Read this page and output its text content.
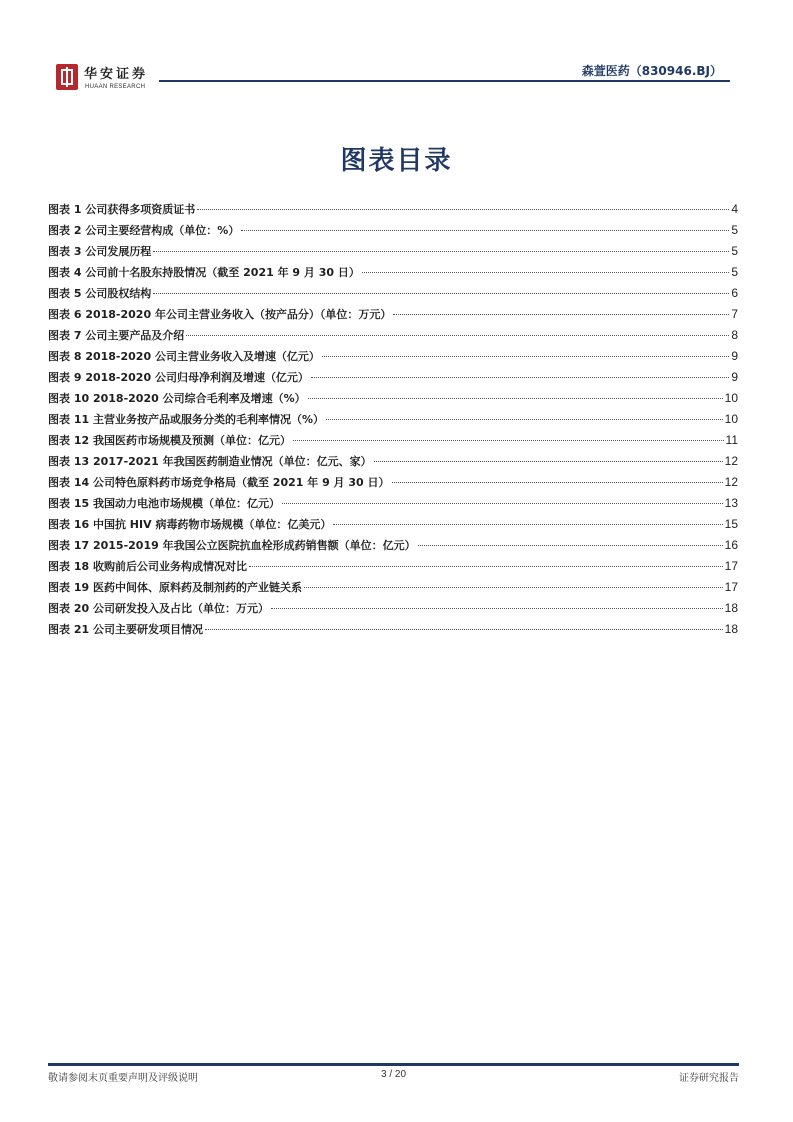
华安证券
HUAAN RESEARCH
森萱医药（830946.BJ）
图表目录
图表 1 公司获得多项资质证书	4
图表 2 公司主要经营构成（单位：%）	5
图表 3 公司发展历程	5
图表 4 公司前十名股东持股情况（截至 2021 年 9 月 30 日）	5
图表 5 公司股权结构	6
图表 6 2018-2020 年公司主营业务收入（按产品分）（单位：万元）	7
图表 7 公司主要产品及介绍	8
图表 8 2018-2020 公司主营业务收入及增速（亿元）	9
图表 9 2018-2020 公司归母净利润及增速（亿元）	9
图表 10 2018-2020 公司综合毛利率及增速（%）	10
图表 11 主营业务按产品或服务分类的毛利率情况（%）	10
图表 12 我国医药市场规模及预测（单位：亿元）	11
图表 13 2017-2021 年我国医药制造业情况（单位：亿元、家）	12
图表 14 公司特色原料药市场竞争格局（截至 2021 年 9 月 30 日）	12
图表 15 我国动力电池市场规模（单位：亿元）	13
图表 16 中国抗 HIV 病毒药物市场规模（单位：亿美元）	15
图表 17 2015-2019 年我国公立医院抗血栓形成药销售额（单位：亿元）	16
图表 18 收购前后公司业务构成情况对比	17
图表 19 医药中间体、原料药及制剂药的产业链关系	17
图表 20 公司研发投入及占比（单位：万元）	18
图表 21 公司主要研发项目情况	18
敬请参阅末页重要声明及评级说明	3 / 20	证券研究报告
